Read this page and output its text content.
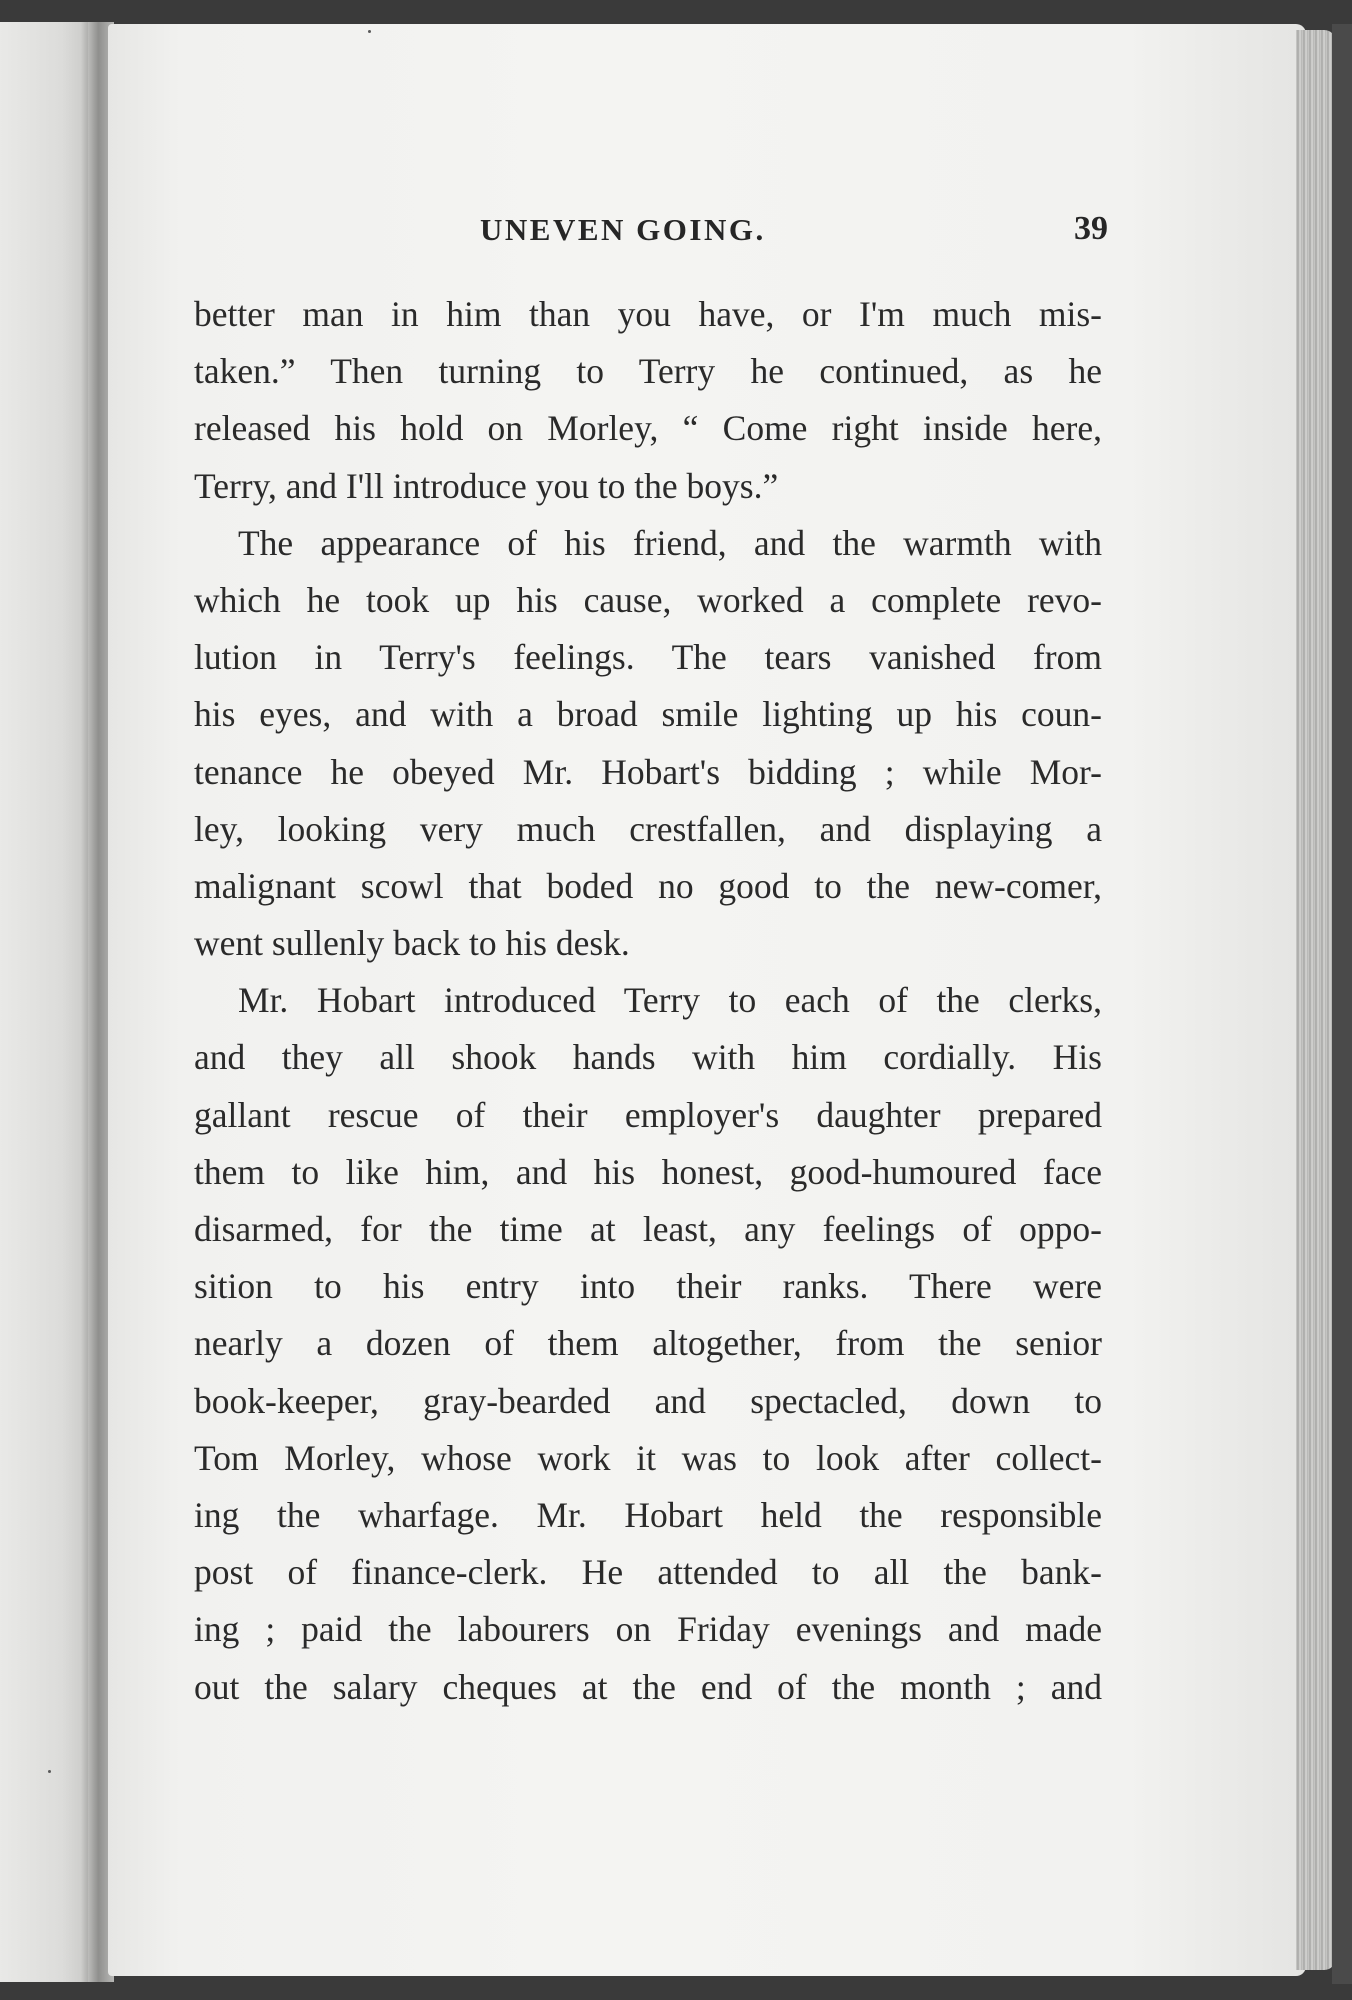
UNEVEN GOING.	39
better man in him than you have, or I'm much mis-
taken.” Then turning to Terry he continued, as he
released his hold on Morley, “ Come right inside here,
Terry, and I'll introduce you to the boys.”
The appearance of his friend, and the warmth with
which he took up his cause, worked a complete revo-
lution in Terry's feelings. The tears vanished from
his eyes, and with a broad smile lighting up his coun-
tenance he obeyed Mr. Hobart's bidding ; while Mor-
ley, looking very much crestfallen, and displaying a
malignant scowl that boded no good to the new-comer,
went sullenly back to his desk.
Mr. Hobart introduced Terry to each of the clerks,
and they all shook hands with him cordially. His
gallant rescue of their employer's daughter prepared
them to like him, and his honest, good-humoured face
disarmed, for the time at least, any feelings of oppo-
sition to his entry into their ranks. There were
nearly a dozen of them altogether, from the senior
book-keeper, gray-bearded and spectacled, down to
Tom Morley, whose work it was to look after collect-
ing the wharfage. Mr. Hobart held the responsible
post of finance-clerk. He attended to all the bank-
ing ; paid the labourers on Friday evenings and made
out the salary cheques at the end of the month ; and
